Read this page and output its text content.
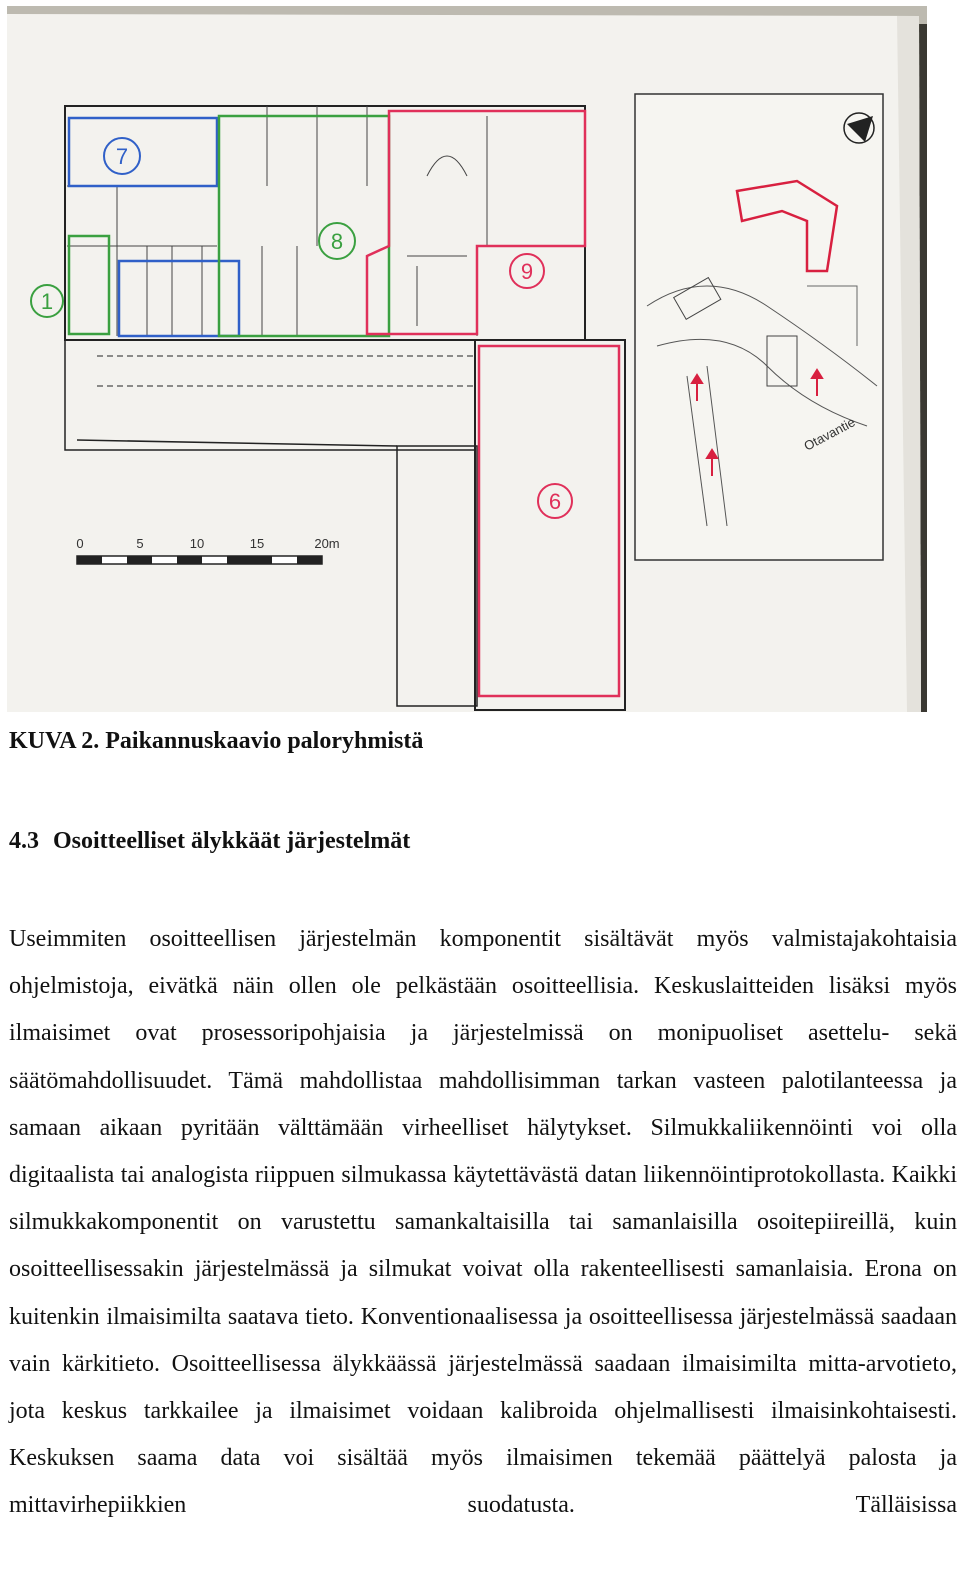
7
8
9
6
1
0	5	10	15	20m
Otavantie

KUVA 2. Paikannuskaavio paloryhmistä

4.3 Osoitteelliset älykkäät järjestelmät

Useimmiten osoitteellisen järjestelmän komponentit sisältävät myös valmistajakohtaisia ohjelmistoja, eivätkä näin ollen ole pelkästään osoitteellisia. Keskuslaitteiden lisäksi myös ilmaisimet ovat prosessoripohjaisia ja järjestelmissä on monipuoliset asettelu- sekä säätömahdollisuudet. Tämä mahdollistaa mahdollisimman tarkan vasteen palotilanteessa ja samaan aikaan pyritään välttämään virheelliset hälytykset. Silmukkaliikennöinti voi olla digitaalista tai analogista riippuen silmukassa käytettävästä datan liikennöintiprotokollasta. Kaikki silmukkakomponentit on varustettu samankaltaisilla tai samanlaisilla osoitepiireillä, kuin osoitteellisessakin järjestelmässä ja silmukat voivat olla rakenteellisesti samanlaisia. Erona on kuitenkin ilmaisimilta saatava tieto. Konventionaalisessa ja osoitteellisessa järjestelmässä saadaan vain kärkitieto. Osoitteellisessa älykkäässä järjestelmässä saadaan ilmaisimilta mitta-arvotieto, jota keskus tarkkailee ja ilmaisimet voidaan kalibroida ohjelmallisesti ilmaisinkohtaisesti. Keskuksen saama data voi sisältää myös ilmaisimen tekemää päättelyä palosta ja mittavirhepiikkien suodatusta. Tälläisissa
